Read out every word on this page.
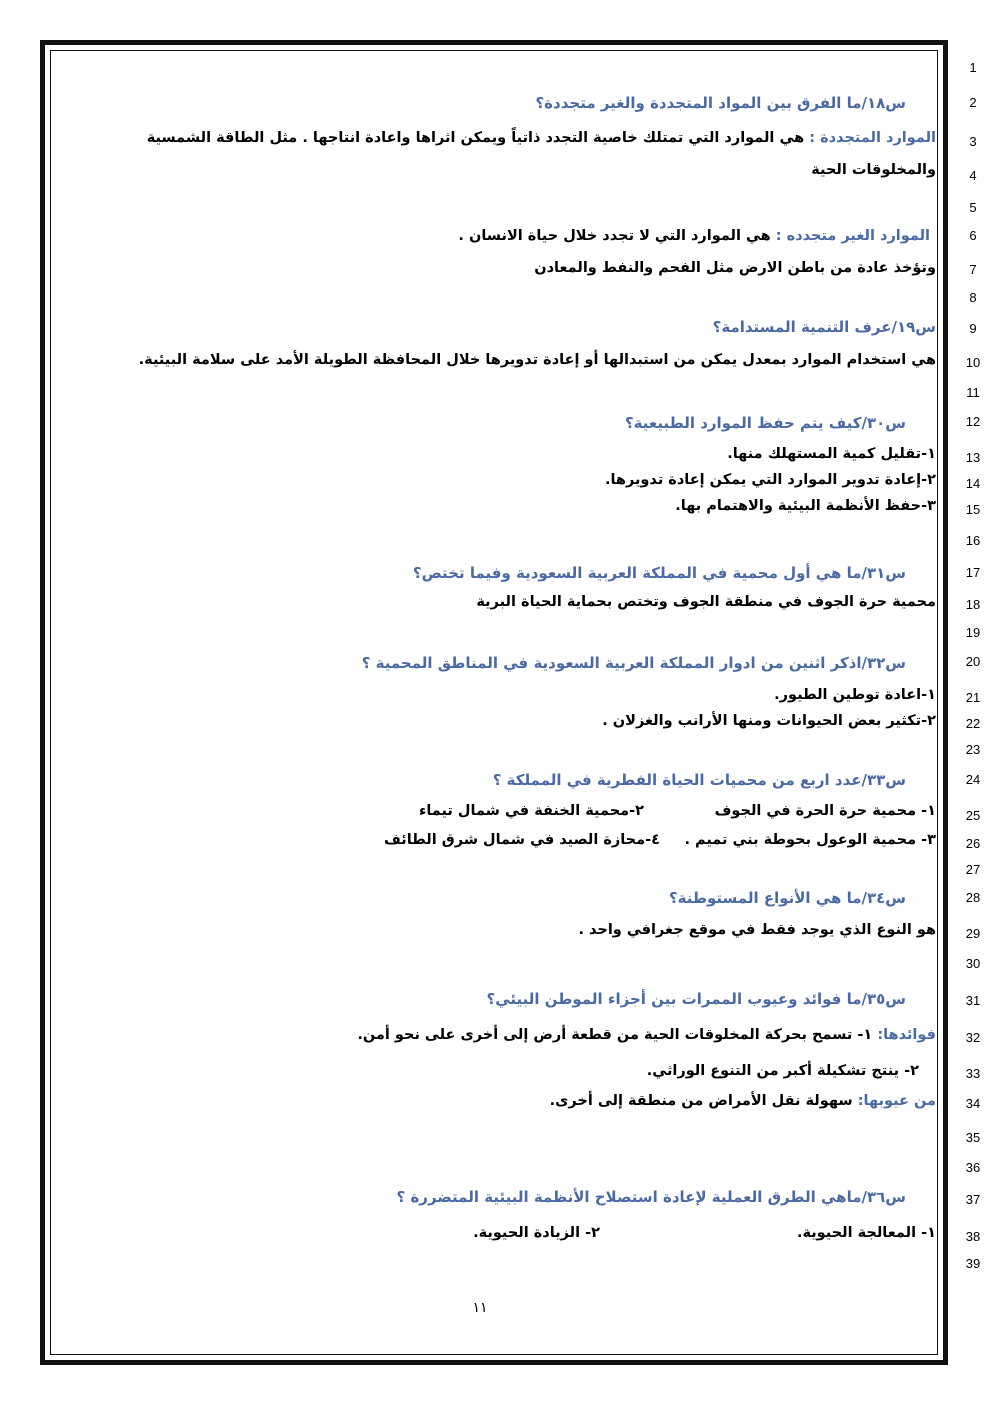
1
2
3
4
5
6
7
8
9
10
11
12
13
14
15
16
17
18
19
20
21
22
23
24
25
26
27
28
29
30
31
32
33
34
35
36
37
38
39
س١٨/ما الفرق بين المواد المتجددة والغير متجددة؟
الموارد المتجددة : هي الموارد التي تمتلك خاصية التجدد ذاتياً ويمكن اثراها واعادة انتاجها . مثل الطاقة الشمسية
والمخلوقات الحية
الموارد الغير متجدده : هي الموارد التي لا تجدد خلال حياة الانسان .
وتؤخذ عادة من باطن الارض مثل الفحم والنفط والمعادن
س١٩/عرف التنمية المستدامة؟
هي استخدام الموارد بمعدل يمكن من استبدالها أو إعادة تدويرها خلال المحافظة الطويلة الأمد على سلامة البيئية.
س٣٠/كيف يتم حفظ الموارد الطبيعية؟
١-تقليل كمية المستهلك منها.
٢-إعادة تدوير الموارد التي يمكن إعادة تدويرها.
٣-حفظ الأنظمة البيئية والاهتمام بها.
س٣١/ما هي أول محمية في المملكة العربية السعودية وفيما تختص؟
محمية حرة الجوف في منطقة الجوف وتختص بحماية الحياة البرية
س٣٢/اذكر اثنين من ادوار المملكة العربية السعودية في المناطق المحمية ؟
١-اعادة توطين الطيور.
٢-تكثير بعض الحيوانات ومنها الأرانب والغزلان .
س٣٣/عدد اربع من محميات الحياة الفطرية في المملكة ؟
١- محمية حرة الحرة في الجوف
٢-محمية الخنفة في شمال تيماء
٣- محمية الوعول بحوطة بني تميم .
٤-محازة الصيد في شمال شرق الطائف
س٣٤/ما هي الأنواع المستوطنة؟
هو النوع الذي يوجد فقط في موقع جغرافي واحد .
س٣٥/ما فوائد وعيوب الممرات بين أجزاء الموطن البيئي؟
فوائدها: ١- تسمح بحركة المخلوقات الحية من قطعة أرض إلى أخرى على نحو أمن.
٢- ينتج تشكيلة أكبر من التنوع الوراثي.
من عيوبها: سهولة نقل الأمراض من منطقة إلى أخرى.
س٣٦/ماهي الطرق العملية لإعادة استصلاح الأنظمة البيئية المتضررة ؟
١- المعالجة الحيوية.
٢- الزيادة الحيوية.
١١
